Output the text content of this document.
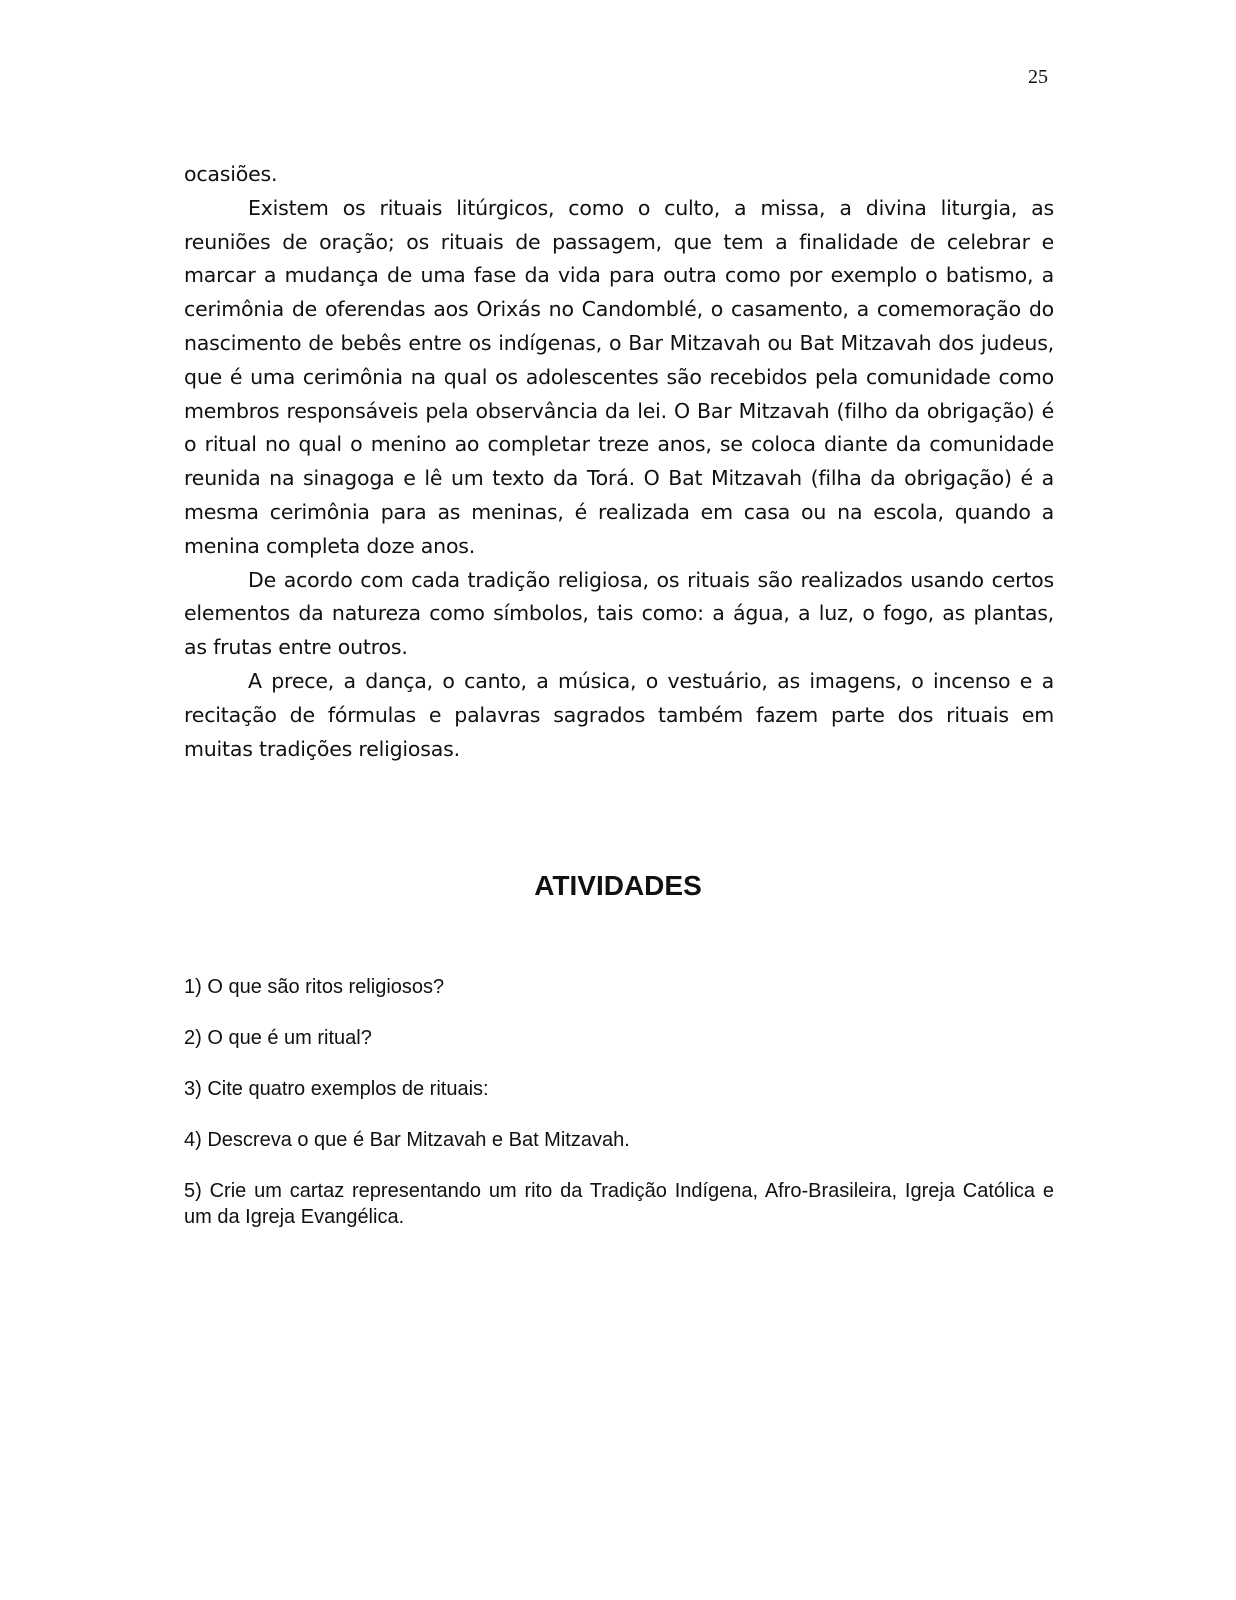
25

ocasiões.

Existem os rituais litúrgicos, como o culto, a missa, a divina liturgia, as reuniões de oração; os rituais de passagem, que tem a finalidade de celebrar e marcar a mudança de uma fase da vida para outra como por exemplo o batismo, a cerimônia de oferendas aos Orixás no Candomblé, o casamento, a comemoração do nascimento de bebês entre os indígenas, o Bar Mitzavah ou Bat Mitzavah dos judeus, que é uma cerimônia na qual os adolescentes são recebidos pela comunidade como membros responsáveis pela observância da lei. O Bar Mitzavah (filho da obrigação) é o ritual no qual o menino ao completar treze anos, se coloca diante da comunidade reunida na sinagoga e lê um texto da Torá. O Bat Mitzavah (filha da obrigação) é a mesma cerimônia para as meninas, é realizada em casa ou na escola, quando a menina completa doze anos.

De acordo com cada tradição religiosa, os rituais são realizados usando certos elementos da natureza como símbolos, tais como: a água, a luz, o fogo, as plantas, as frutas entre outros.

A prece, a dança, o canto, a música, o vestuário, as imagens, o incenso e a recitação de fórmulas e palavras sagrados também fazem parte dos rituais em muitas tradições religiosas.

ATIVIDADES

1) O que são ritos religiosos?

2) O que é um ritual?

3) Cite quatro exemplos de rituais:

4) Descreva o que é Bar Mitzavah e Bat Mitzavah.

5) Crie um cartaz representando um rito da Tradição Indígena, Afro-Brasileira, Igreja Católica e um da Igreja Evangélica.
